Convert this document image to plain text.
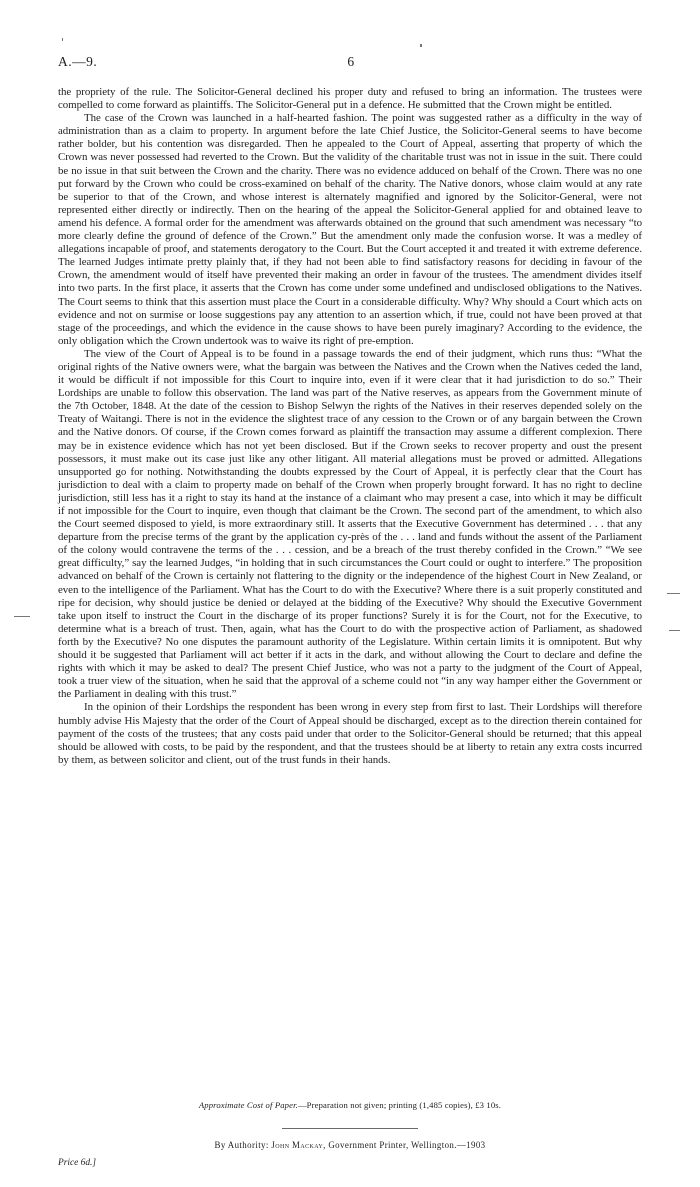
A.—9.	6

the propriety of the rule. The Solicitor-General declined his proper duty and refused to bring an information. The trustees were compelled to come forward as plaintiffs. The Solicitor-General put in a defence. He submitted that the Crown might be entitled.

The case of the Crown was launched in a half-hearted fashion. The point was suggested rather as a difficulty in the way of administration than as a claim to property. In argument before the late Chief Justice, the Solicitor-General seems to have become rather bolder, but his contention was disregarded. Then he appealed to the Court of Appeal, asserting that property of which the Crown was never possessed had reverted to the Crown. But the validity of the charitable trust was not in issue in the suit. There could be no issue in that suit between the Crown and the charity. There was no evidence adduced on behalf of the Crown. There was no one put forward by the Crown who could be cross-examined on behalf of the charity. The Native donors, whose claim would at any rate be superior to that of the Crown, and whose interest is alternately magnified and ignored by the Solicitor-General, were not represented either directly or indirectly. Then on the hearing of the appeal the Solicitor-General applied for and obtained leave to amend his defence. A formal order for the amendment was afterwards obtained on the ground that such amendment was necessary “to more clearly define the ground of defence of the Crown.” But the amendment only made the confusion worse. It was a medley of allegations incapable of proof, and statements derogatory to the Court. But the Court accepted it and treated it with extreme deference. The learned Judges intimate pretty plainly that, if they had not been able to find satisfactory reasons for deciding in favour of the Crown, the amendment would of itself have prevented their making an order in favour of the trustees. The amendment divides itself into two parts. In the first place, it asserts that the Crown has come under some undefined and undisclosed obligations to the Natives. The Court seems to think that this assertion must place the Court in a considerable difficulty. Why? Why should a Court which acts on evidence and not on surmise or loose suggestions pay any attention to an assertion which, if true, could not have been proved at that stage of the proceedings, and which the evidence in the cause shows to have been purely imaginary? According to the evidence, the only obligation which the Crown undertook was to waive its right of pre-emption.

The view of the Court of Appeal is to be found in a passage towards the end of their judgment, which runs thus: “What the original rights of the Native owners were, what the bargain was between the Natives and the Crown when the Natives ceded the land, it would be difficult if not impossible for this Court to inquire into, even if it were clear that it had jurisdiction to do so.” Their Lordships are unable to follow this observation. The land was part of the Native reserves, as appears from the Government minute of the 7th October, 1848. At the date of the cession to Bishop Selwyn the rights of the Natives in their reserves depended solely on the Treaty of Waitangi. There is not in the evidence the slightest trace of any cession to the Crown or of any bargain between the Crown and the Native donors. Of course, if the Crown comes forward as plaintiff the transaction may assume a different complexion. There may be in existence evidence which has not yet been disclosed. But if the Crown seeks to recover property and oust the present possessors, it must make out its case just like any other litigant. All material allegations must be proved or admitted. Allegations unsupported go for nothing. Notwithstanding the doubts expressed by the Court of Appeal, it is perfectly clear that the Court has jurisdiction to deal with a claim to property made on behalf of the Crown when properly brought forward. It has no right to decline jurisdiction, still less has it a right to stay its hand at the instance of a claimant who may present a case, into which it may be difficult if not impossible for the Court to inquire, even though that claimant be the Crown. The second part of the amendment, to which also the Court seemed disposed to yield, is more extraordinary still. It asserts that the Executive Government has determined . . . that any departure from the precise terms of the grant by the application cy-près of the . . . land and funds without the assent of the Parliament of the colony would contravene the terms of the . . . cession, and be a breach of the trust thereby confided in the Crown.” “We see great difficulty,” say the learned Judges, “in holding that in such circumstances the Court could or ought to interfere.” The proposition advanced on behalf of the Crown is certainly not flattering to the dignity or the independence of the highest Court in New Zealand, or even to the intelligence of the Parliament. What has the Court to do with the Executive? Where there is a suit properly constituted and ripe for decision, why should justice be denied or delayed at the bidding of the Executive? Why should the Executive Government take upon itself to instruct the Court in the discharge of its proper functions? Surely it is for the Court, not for the Executive, to determine what is a breach of trust. Then, again, what has the Court to do with the prospective action of Parliament, as shadowed forth by the Executive? No one disputes the paramount authority of the Legislature. Within certain limits it is omnipotent. But why should it be suggested that Parliament will act better if it acts in the dark, and without allowing the Court to declare and define the rights with which it may be asked to deal? The present Chief Justice, who was not a party to the judgment of the Court of Appeal, took a truer view of the situation, when he said that the approval of a scheme could not “in any way hamper either the Government or the Parliament in dealing with this trust.”

In the opinion of their Lordships the respondent has been wrong in every step from first to last. Their Lordships will therefore humbly advise His Majesty that the order of the Court of Appeal should be discharged, except as to the direction therein contained for payment of the costs of the trustees; that any costs paid under that order to the Solicitor-General should be returned; that this appeal should be allowed with costs, to be paid by the respondent, and that the trustees should be at liberty to retain any extra costs incurred by them, as between solicitor and client, out of the trust funds in their hands.

Approximate Cost of Paper.—Preparation not given; printing (1,485 copies), £3 10s.
By Authority: John Mackay, Government Printer, Wellington.—1903
Price 6d.]
